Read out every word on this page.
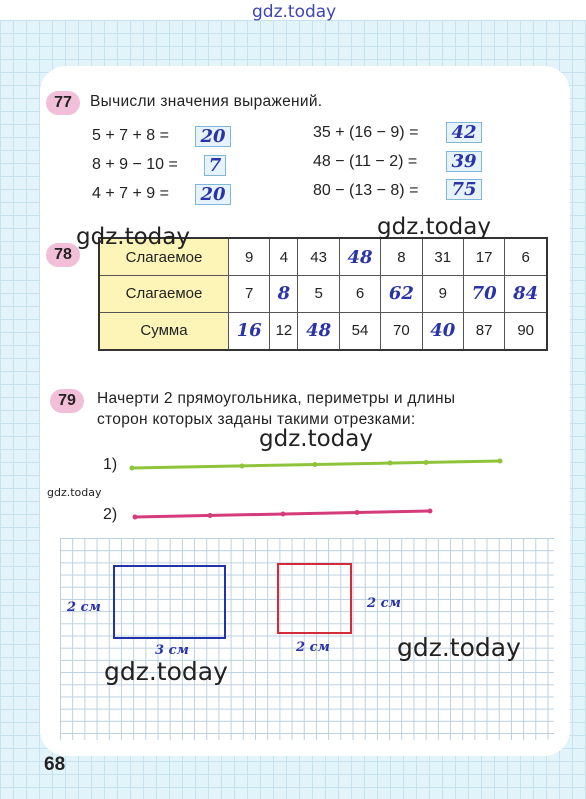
gdz.today
77	Вычисли значения выражений.
5 + 7 + 8 =	20
8 + 9 − 10 = 7
4 + 7 + 9 =	20
35 + (16 − 9) =	42
48 − (11 − 2) =	39
80 − (13 − 8) =	75
78	Слагаемое	9	4	43	48	8	31	17	6
Слагаемое	7	8	5	6	62	9	70	84
Сумма	16	12	48	54	70	40	87	90
79	Начерти 2 прямоугольника, периметры и длины
сторон которых заданы такими отрезками:
1)
2)
2 см
3 см
2 см
2 см
gdz.today	gdz.today
gdz.today
gdz.today
gdz.today
gdz.today
68
